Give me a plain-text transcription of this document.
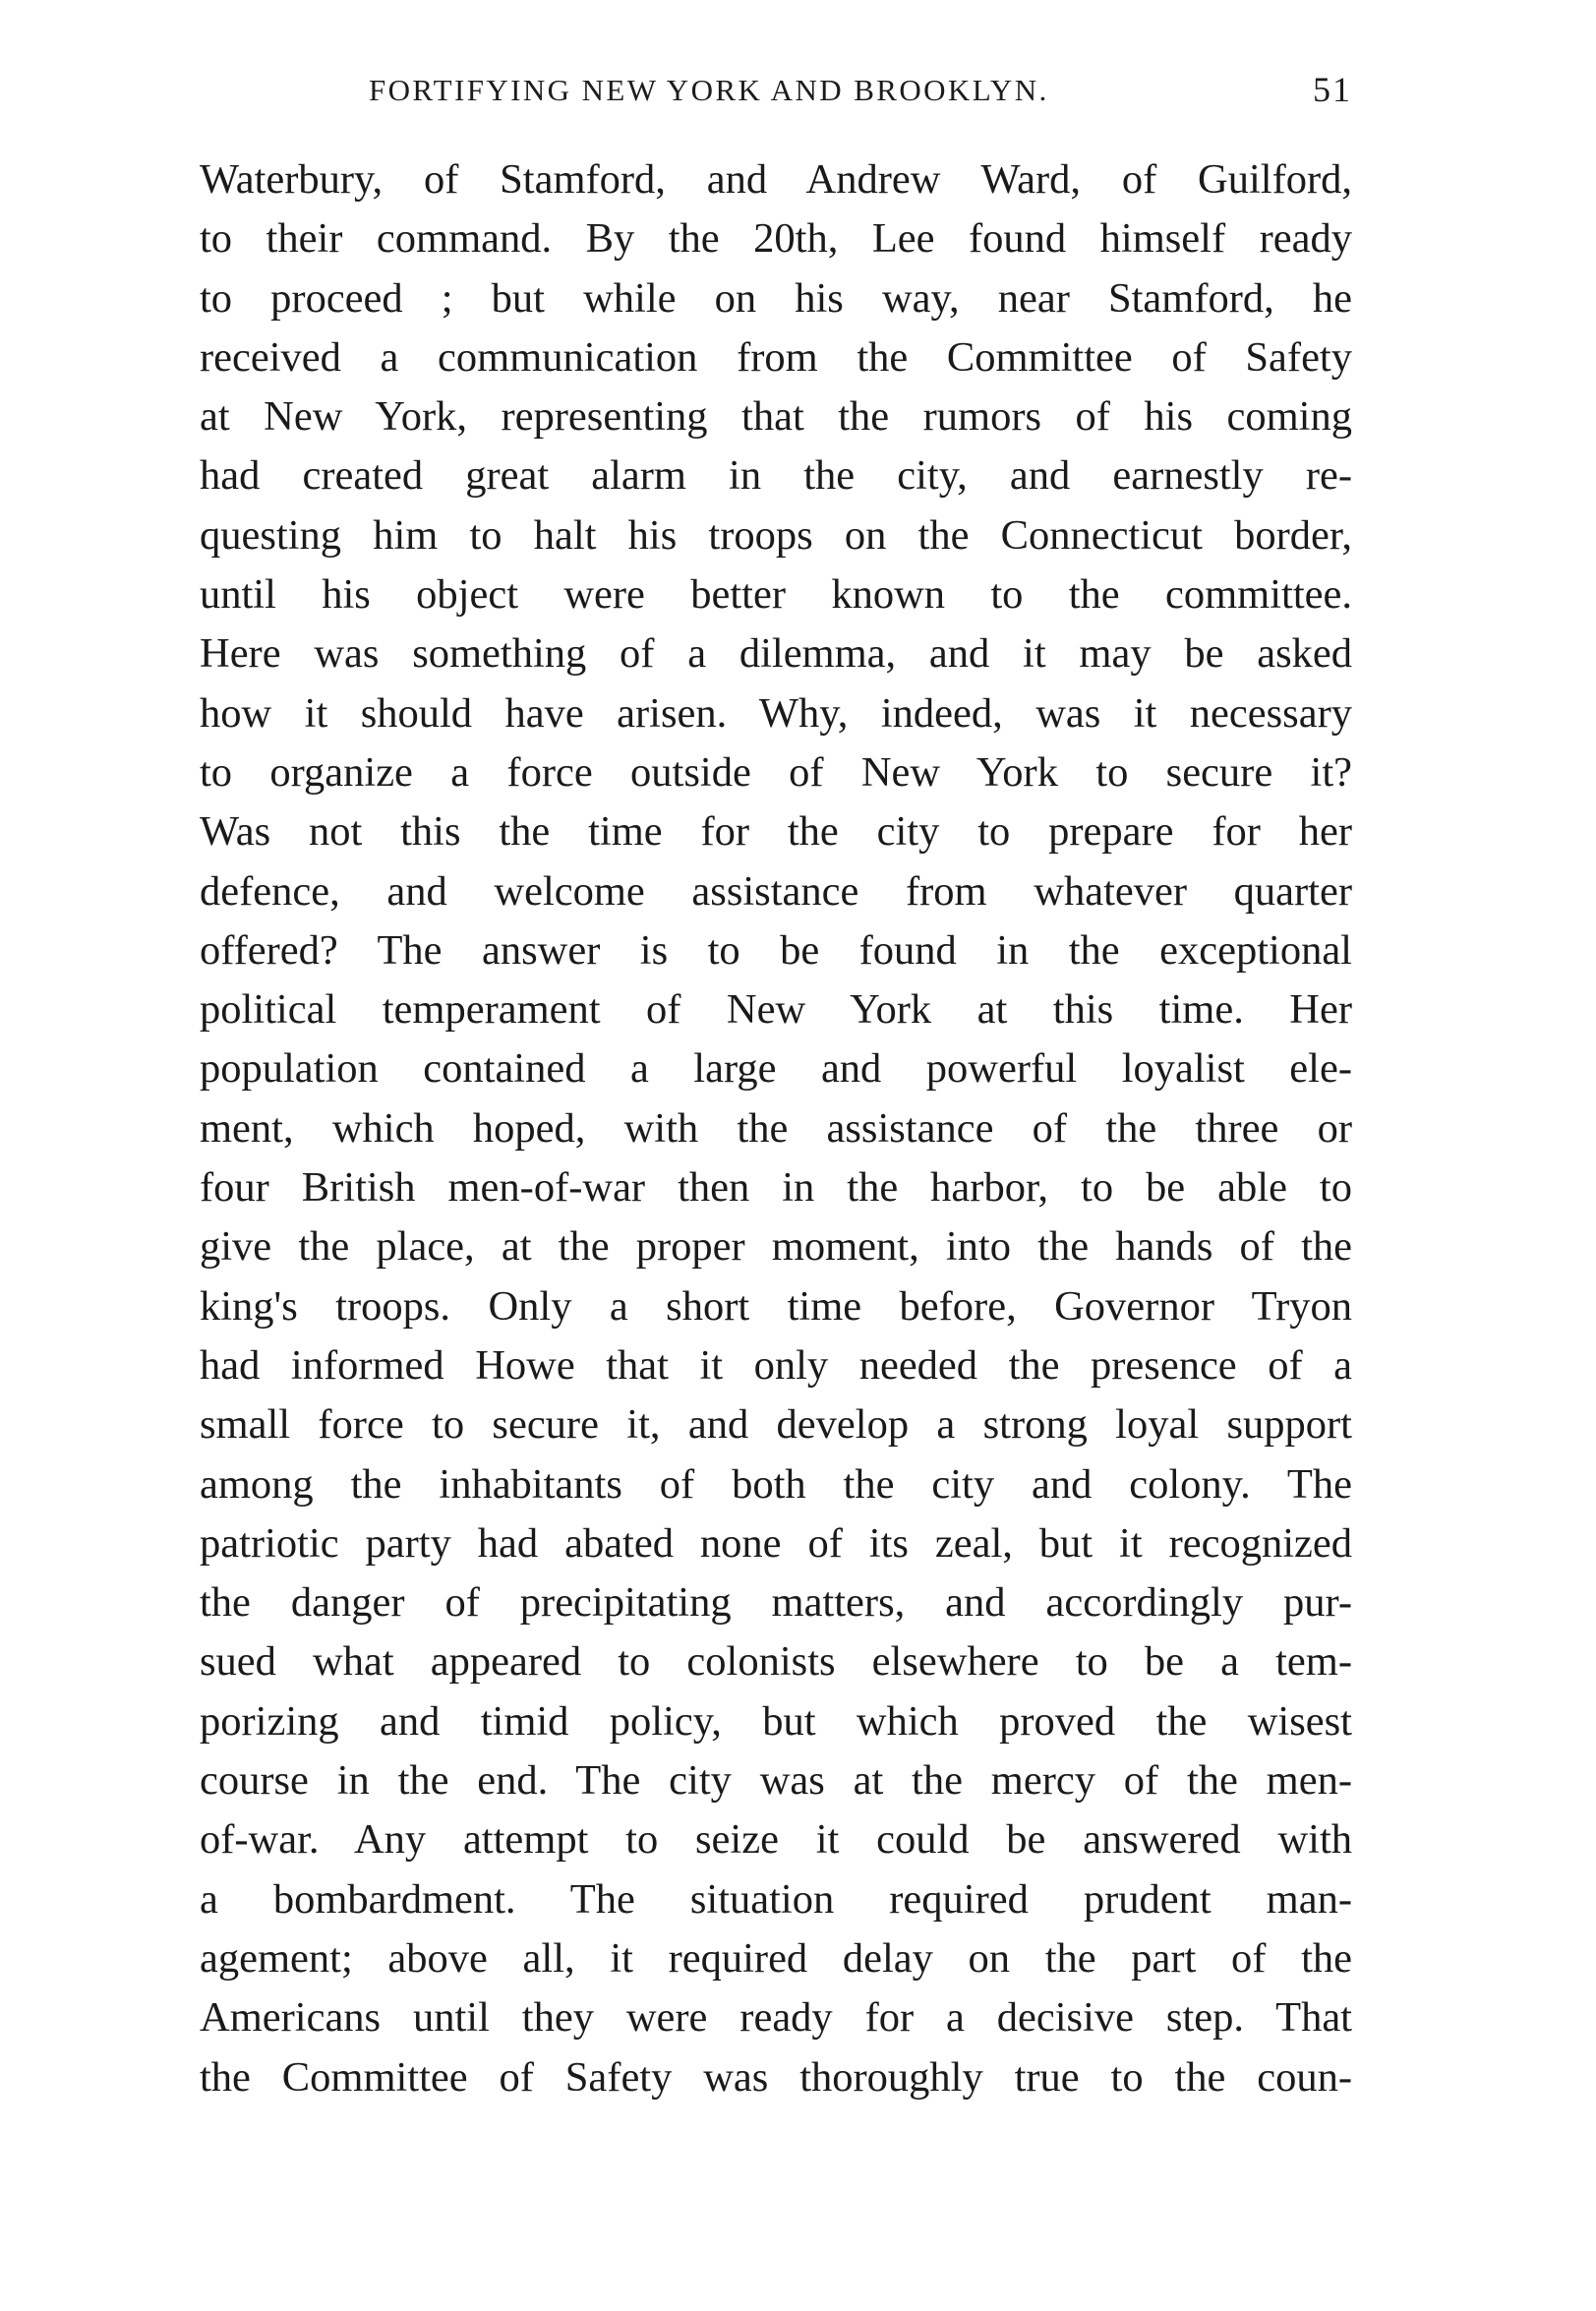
FORTIFYING NEW YORK AND BROOKLYN.	51
Waterbury, of Stamford, and Andrew Ward, of Guilford,
to their command. By the 20th, Lee found himself ready
to proceed ; but while on his way, near Stamford, he
received a communication from the Committee of Safety
at New York, representing that the rumors of his coming
had created great alarm in the city, and earnestly re-
questing him to halt his troops on the Connecticut border,
until his object were better known to the committee.
Here was something of a dilemma, and it may be asked
how it should have arisen. Why, indeed, was it necessary
to organize a force outside of New York to secure it?
Was not this the time for the city to prepare for her
defence, and welcome assistance from whatever quarter
offered? The answer is to be found in the exceptional
political temperament of New York at this time. Her
population contained a large and powerful loyalist ele-
ment, which hoped, with the assistance of the three or
four British men-of-war then in the harbor, to be able to
give the place, at the proper moment, into the hands of the
king's troops. Only a short time before, Governor Tryon
had informed Howe that it only needed the presence of a
small force to secure it, and develop a strong loyal support
among the inhabitants of both the city and colony. The
patriotic party had abated none of its zeal, but it recognized
the danger of precipitating matters, and accordingly pur-
sued what appeared to colonists elsewhere to be a tem-
porizing and timid policy, but which proved the wisest
course in the end. The city was at the mercy of the men-
of-war. Any attempt to seize it could be answered with
a bombardment. The situation required prudent man-
agement; above all, it required delay on the part of the
Americans until they were ready for a decisive step. That
the Committee of Safety was thoroughly true to the coun-
